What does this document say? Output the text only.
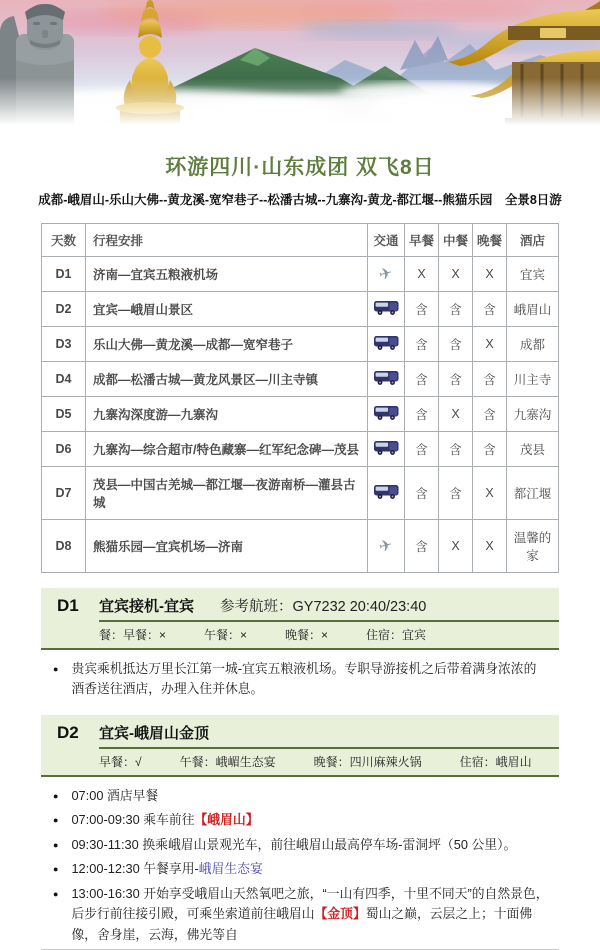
环游四川·山东成团 双飞8日
成都-峨眉山-乐山大佛--黄龙溪-宽窄巷子--松潘古城--九寨沟-黄龙-都江堰--熊猫乐园　全景8日游
天数	行程安排	交通	早餐	中餐	晚餐	酒店
D1	济南—宜宾五粮液机场	✈	X	X	X	宜宾
D2	宜宾—峨眉山景区		含	含	含	峨眉山
D3	乐山大佛—黄龙溪—成都—宽窄巷子		含	含	X	成都
D4	成都—松潘古城—黄龙风景区—川主寺镇		含	含	含	川主寺
D5	九寨沟深度游—九寨沟		含	X	含	九寨沟
D6	九寨沟—综合超市/特色藏寨—红军纪念碑—茂县		含	含	含	茂县
D7	茂县—中国古羌城—都江堰—夜游南桥—灌县古城		含	含	X	都江堰
D8	熊猫乐园—宜宾机场—济南	✈	含	X	X	温馨的家
D1	宜宾接机-宜宾 参考航班：GY7232 20:40/23:40
餐：早餐：×	午餐：×	晚餐：×	住宿：宜宾
● 贵宾乘机抵达万里长江第一城-宜宾五粮液机场。专职导游接机之后带着满身浓浓的酒香送往酒店，办理入住并休息。
D2	宜宾-峨眉山金顶
早餐：√	午餐：峨嵋生态宴	晚餐：四川麻辣火锅	住宿：峨眉山
● 07:00 酒店早餐
● 07:00-09:30 乘车前往【峨眉山】
● 09:30-11:30 换乘峨眉山景观光车，前往峨眉山最高停车场-雷洞坪（50 公里）。
● 12:00-12:30 午餐享用-峨眉生态宴
● 13:00-16:30 开始享受峨眉山天然氧吧之旅，“一山有四季，十里不同天”的自然景色，后步行前往接引殿，可乘坐索道前往峨眉山【金顶】蜀山之巅，云层之上；十面佛像，舍身崖，云海，佛光等自
